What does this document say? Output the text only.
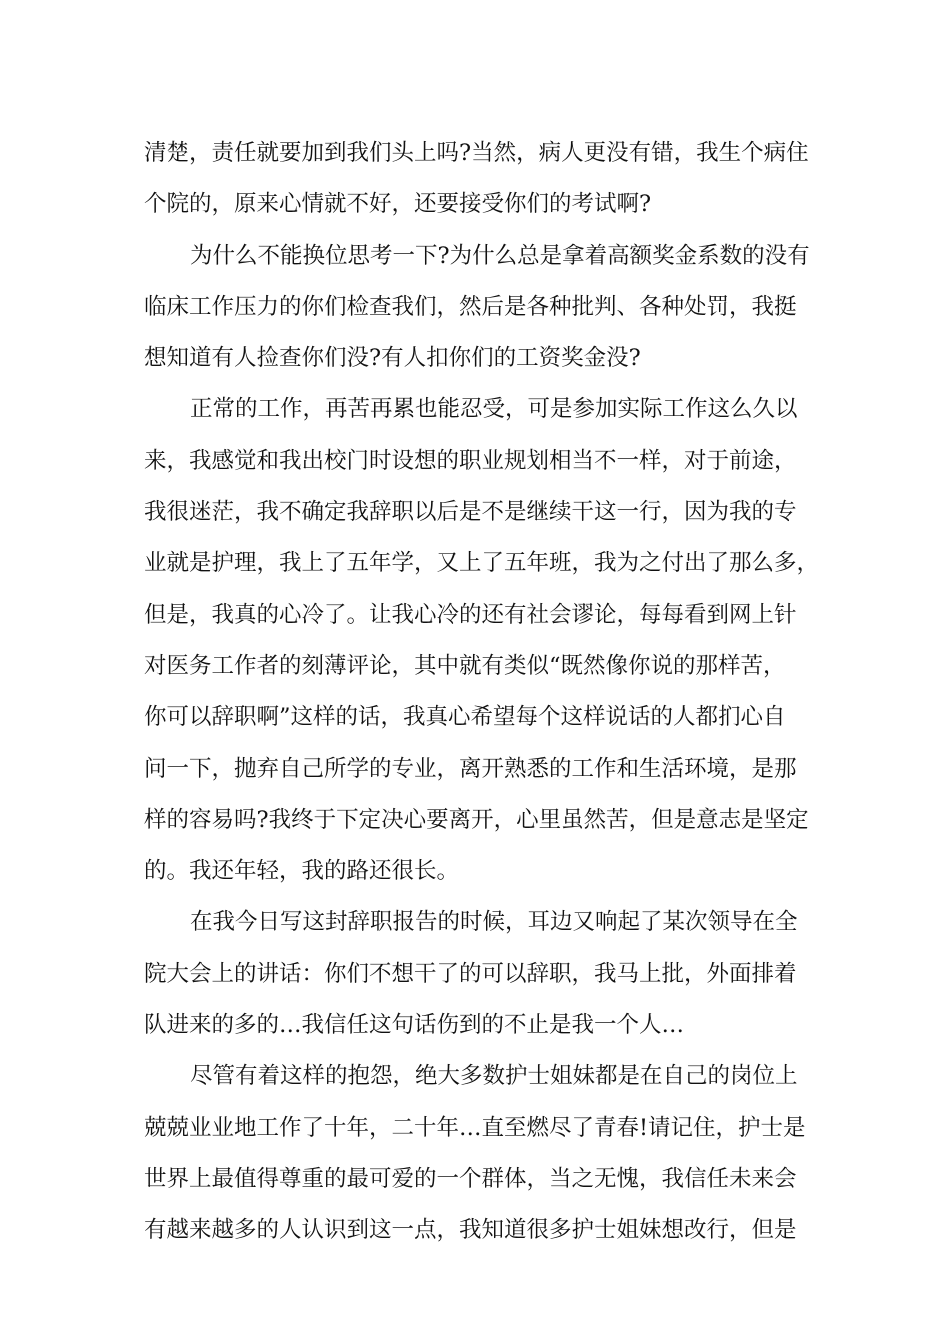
清楚，责任就要加到我们头上吗?当然，病人更没有错，我生个病住
个院的，原来心情就不好，还要接受你们的考试啊?
为什么不能换位思考一下?为什么总是拿着高额奖金系数的没有
临床工作压力的你们检查我们，然后是各种批判、各种处罚，我挺
想知道有人捡查你们没?有人扣你们的工资奖金没?
正常的工作，再苦再累也能忍受，可是参加实际工作这么久以
来，我感觉和我出校门时设想的职业规划相当不一样，对于前途，
我很迷茫，我不确定我辞职以后是不是继续干这一行，因为我的专
业就是护理，我上了五年学，又上了五年班，我为之付出了那么多，
但是，我真的心冷了。让我心冷的还有社会谬论，每每看到网上针
对医务工作者的刻薄评论，其中就有类似“既然像你说的那样苦，
你可以辞职啊”这样的话，我真心希望每个这样说话的人都扪心自
问一下，抛弃自己所学的专业，离开熟悉的工作和生活环境，是那
样的容易吗?我终于下定决心要离开，心里虽然苦，但是意志是坚定
的。我还年轻，我的路还很长。
在我今日写这封辞职报告的时候，耳边又响起了某次领导在全
院大会上的讲话：你们不想干了的可以辞职，我马上批，外面排着
队进来的多的…我信任这句话伤到的不止是我一个人…
尽管有着这样的抱怨，绝大多数护士姐妹都是在自己的岗位上
兢兢业业地工作了十年，二十年…直至燃尽了青春!请记住，护士是
世界上最值得尊重的最可爱的一个群体，当之无愧，我信任未来会
有越来越多的人认识到这一点，我知道很多护士姐妹想改行，但是
